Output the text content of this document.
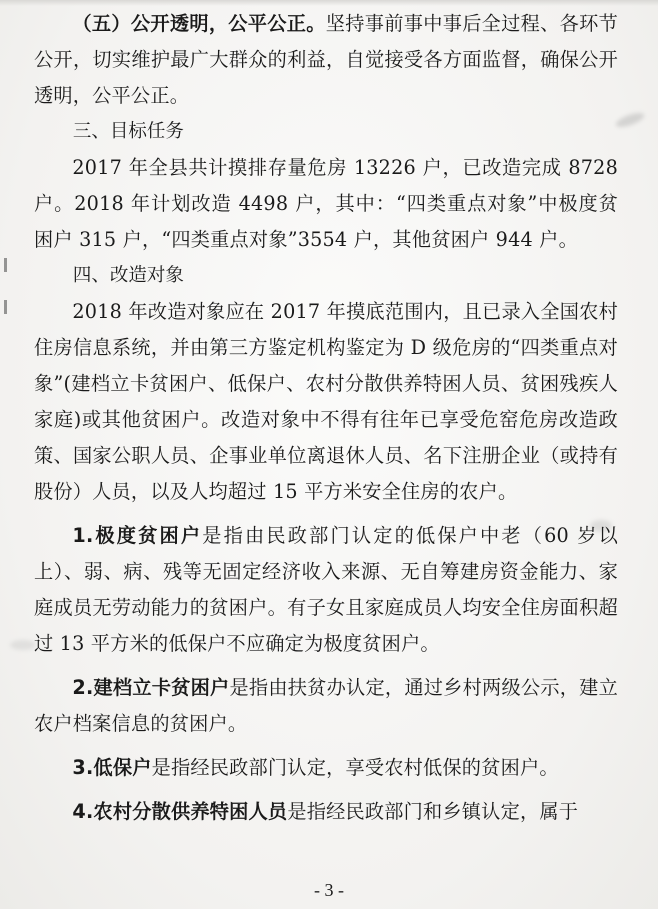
（五）公开透明，公平公正。坚持事前事中事后全过程、各环节公开，切实维护最广大群众的利益，自觉接受各方面监督，确保公开透明，公平公正。

三、目标任务

2017 年全县共计摸排存量危房 13226 户，已改造完成 8728 户。2018 年计划改造 4498 户，其中：“四类重点对象”中极度贫困户 315 户，“四类重点对象”3554 户，其他贫困户 944 户。

四、改造对象

2018 年改造对象应在 2017 年摸底范围内，且已录入全国农村住房信息系统，并由第三方鉴定机构鉴定为 D 级危房的“四类重点对象”(建档立卡贫困户、低保户、农村分散供养特困人员、贫困残疾人家庭)或其他贫困户。改造对象中不得有往年已享受危窑危房改造政策、国家公职人员、企事业单位离退休人员、名下注册企业（或持有股份）人员，以及人均超过 15 平方米安全住房的农户。

1.极度贫困户是指由民政部门认定的低保户中老（60 岁以上）、弱、病、残等无固定经济收入来源、无自筹建房资金能力、家庭成员无劳动能力的贫困户。有子女且家庭成员人均安全住房面积超过 13 平方米的低保户不应确定为极度贫困户。

2.建档立卡贫困户是指由扶贫办认定，通过乡村两级公示，建立农户档案信息的贫困户。

3.低保户是指经民政部门认定，享受农村低保的贫困户。

4.农村分散供养特困人员是指经民政部门和乡镇认定，属于

- 3 -
